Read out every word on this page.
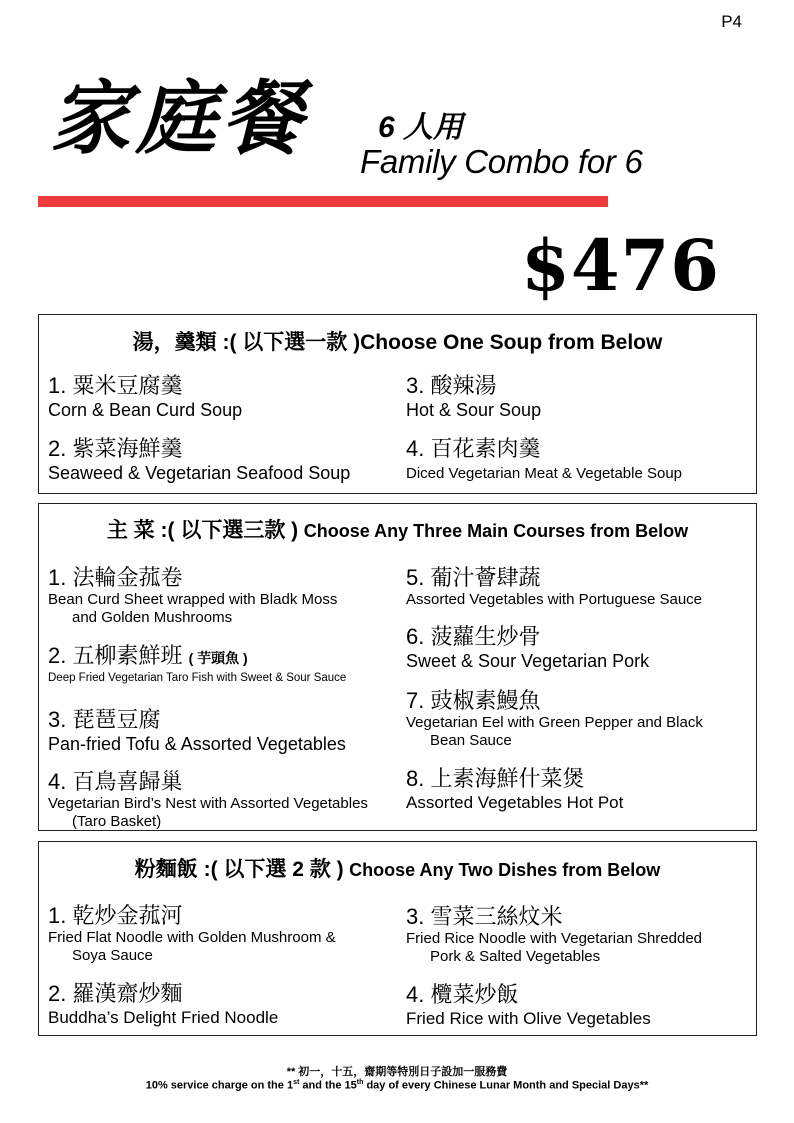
P4
家庭餐 6 人用
Family Combo for 6
$476
湯，羹類 :( 以下選一款 )Choose One Soup from Below
1. 粟米豆腐羹
Corn & Bean Curd Soup
2. 紫菜海鮮羹
Seaweed & Vegetarian Seafood Soup
3. 酸辣湯
Hot & Sour Soup
4. 百花素肉羹
Diced Vegetarian Meat & Vegetable Soup
主 菜 :( 以下選三款 ) Choose Any Three Main Courses from Below
1. 法輪金菰卷
Bean Curd Sheet wrapped with Bladk Moss
and Golden Mushrooms
2. 五柳素鮮班 ( 芋頭魚 )
Deep Fried Vegetarian Taro Fish with Sweet & Sour Sauce
3. 琵琶豆腐
Pan-fried Tofu & Assorted Vegetables
4. 百鳥喜歸巢
Vegetarian Bird’s Nest with Assorted Vegetables
(Taro Basket)
5. 葡汁薈肆蔬
Assorted Vegetables with Portuguese Sauce
6. 菠蘿生炒骨
Sweet & Sour Vegetarian Pork
7. 豉椒素鰻魚
Vegetarian Eel with Green Pepper and Black
Bean Sauce
8. 上素海鮮什菜煲
Assorted Vegetables Hot Pot
粉麵飯 :( 以下選 2 款 ) Choose Any Two Dishes from Below
1. 乾炒金菰河
Fried Flat Noodle with Golden Mushroom &
Soya Sauce
2. 羅漢齋炒麵
Buddha’s Delight Fried Noodle
3. 雪菜三絲炆米
Fried Rice Noodle with Vegetarian Shredded
Pork & Salted Vegetables
4. 欖菜炒飯
Fried Rice with Olive Vegetables
** 初一，十五，齋期等特別日子設加一服務費
10% service charge on the 1st and the 15th day of every Chinese Lunar Month and Special Days**
